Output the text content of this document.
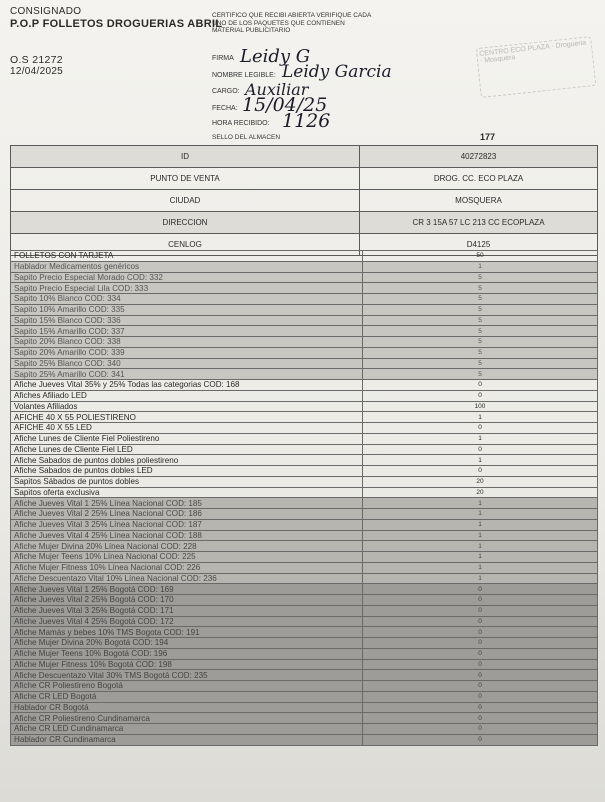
CONSIGNADO
P.O.P FOLLETOS DROGUERIAS ABRIL
O.S 21272
12/04/2025
CERTIFICO QUE RECIBI ABIERTA VERIFIQUE CADA UNO DE LOS PAQUETES QUE CONTIENEN MATERIAL PUBLICITARIO
FIRMA Leidy G
NOMBRE LEGIBLE: Leidy Garcia
CARGO: Auxiliar
FECHA: 15/04/25
HORA RECIBIDO: 1126
CENTRO ECO PLAZA · Drogueria · Mosquera
SELLO DEL ALMACEN	177
ID	40272823
PUNTO DE VENTA	DROG. CC. ECO PLAZA
CIUDAD	MOSQUERA
DIRECCION	CR 3 15A 57 LC 213 CC ECOPLAZA
CENLOG	D4125
FOLLETOS CON TARJETA	50
Hablador Medicamentos genéricos	1
Sapito Precio Especial Morado COD: 332	5
Sapito Precio Especial Lila COD: 333	5
Sapito 10% Blanco COD: 334	5
Sapito 10% Amarillo COD: 335	5
Sapito 15% Blanco COD: 336	5
Sapito 15% Amarillo COD: 337	5
Sapito 20% Blanco COD: 338	5
Sapito 20% Amarillo COD: 339	5
Sapito 25% Blanco COD: 340	5
Sapito 25% Amarillo COD: 341	5
Afiche Jueves Vital 35% y 25% Todas las categorias COD: 168	0
Afiches Afiliado LED	0
Volantes Afiliados	100
AFICHE 40 X 55 POLIESTIRENO	1
AFICHE 40 X 55 LED	0
Afiche Lunes de Cliente Fiel Poliestireno	1
Afiche Lunes de Cliente Fiel LED	0
Afiche Sabados de puntos dobles poliestireno	1
Afiche Sabados de puntos dobles LED	0
Sapitos Sábados de puntos dobles	20
Sapitos oferta exclusiva	20
Afiche Jueves Vital 1 25% Línea Nacional COD: 185	1
Afiche Jueves Vital 2 25% Línea Nacional COD: 186	1
Afiche Jueves Vital 3 25% Línea Nacional COD: 187	1
Afiche Jueves Vital 4 25% Línea Nacional COD: 188	1
Afiche Mujer Divina 20% Línea Nacional COD: 228	1
Afiche Mujer Teens 10% Línea Nacional COD: 225	1
Afiche Mujer Fitness 10% Línea Nacional COD: 226	1
Afiche Descuentazo Vital 10% Línea Nacional COD: 236	1
Afiche Jueves Vital 1 25% Bogotá COD: 169	0
Afiche Jueves Vital 2 25% Bogotá COD: 170	0
Afiche Jueves Vital 3 25% Bogotá COD: 171	0
Afiche Jueves Vital 4 25% Bogotá COD: 172	0
Afiche Mamás y bebes 10% TMS Bogota COD: 191	0
Afiche Mujer Divina 20% Bogotá COD: 194	0
Afiche Mujer Teens 10% Bogotá COD: 196	0
Afiche Mujer Fitness 10% Bogotá COD: 198	0
Afiche Descuentazo Vital 30% TMS Bogotá COD: 235	0
Afiche CR Poliestireno Bogotá	0
Afiche CR LED Bogotá	0
Hablador CR Bogotá	0
Afiche CR Poliestireno Cundinamarca	0
Afiche CR LED Cundinamarca	0
Hablador CR Cundinamarca	0
